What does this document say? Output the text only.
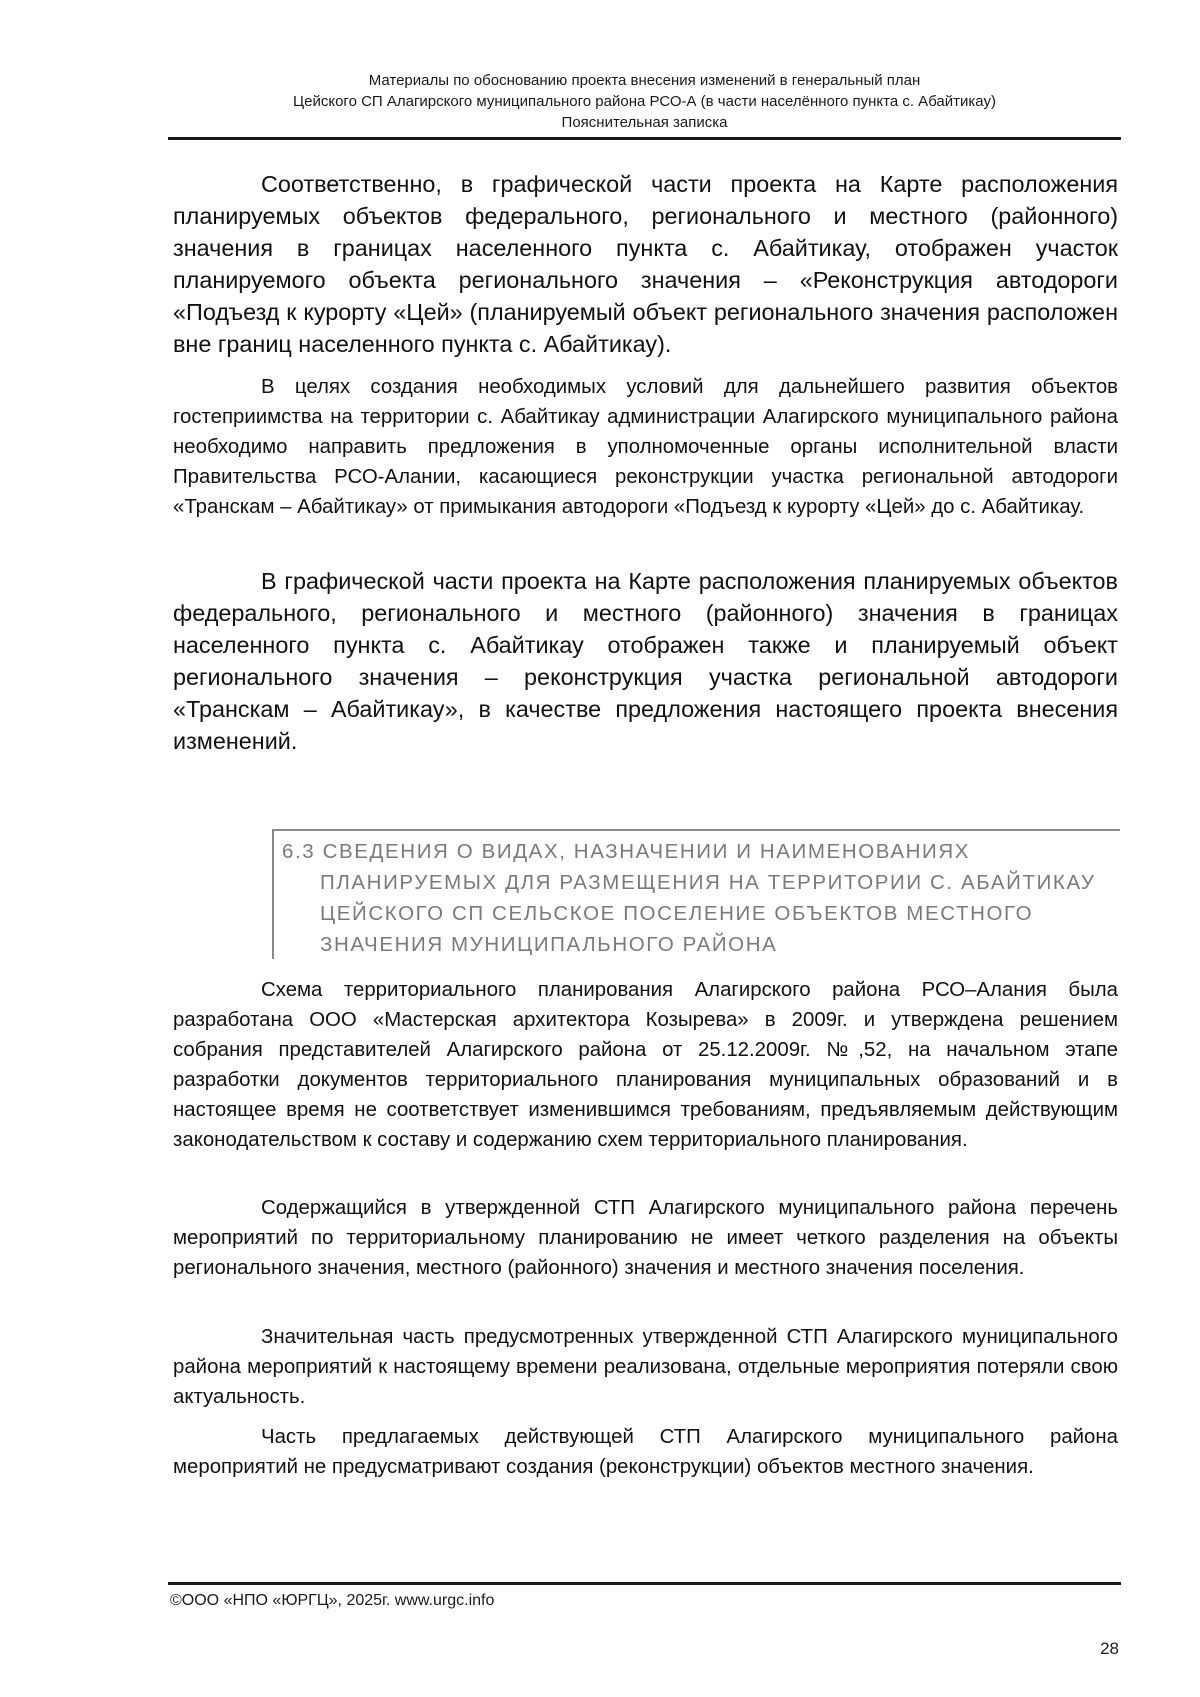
Материалы по обоснованию проекта внесения изменений в генеральный план
Цейского СП Алагирского муниципального района РСО-А (в части населённого пункта с. Абайтикау)
Пояснительная записка

Соответственно, в графической части проекта на Карте расположения планируемых объектов федерального, регионального и местного (районного) значения в границах населенного пункта с. Абайтикау, отображен участок планируемого объекта регионального значения – «Реконструкция автодороги «Подъезд к курорту «Цей» (планируемый объект регионального значения расположен вне границ населенного пункта с. Абайтикау).

В целях создания необходимых условий для дальнейшего развития объектов гостеприимства на территории с. Абайтикау администрации Алагирского муниципального района необходимо направить предложения в уполномоченные органы исполнительной власти Правительства РСО-Алании, касающиеся реконструкции участка региональной автодороги «Транскам – Абайтикау» от примыкания автодороги «Подъезд к курорту «Цей» до с. Абайтикау.

В графической части проекта на Карте расположения планируемых объектов федерального, регионального и местного (районного) значения в границах населенного пункта с. Абайтикау отображен также и планируемый объект регионального значения – реконструкция участка региональной автодороги «Транскам – Абайтикау», в качестве предложения настоящего проекта внесения изменений.

6.3 СВЕДЕНИЯ О ВИДАХ, НАЗНАЧЕНИИ И НАИМЕНОВАНИЯХ ПЛАНИРУЕМЫХ ДЛЯ РАЗМЕЩЕНИЯ НА ТЕРРИТОРИИ С. АБАЙТИКАУ ЦЕЙСКОГО СП СЕЛЬСКОЕ ПОСЕЛЕНИЕ ОБЪЕКТОВ МЕСТНОГО ЗНАЧЕНИЯ МУНИЦИПАЛЬНОГО РАЙОНА

Схема территориального планирования Алагирского района РСО–Алания была разработана ООО «Мастерская архитектора Козырева» в 2009г. и утверждена решением собрания представителей Алагирского района от 25.12.2009г. №,52, на начальном этапе разработки документов территориального планирования муниципальных образований и в настоящее время не соответствует изменившимся требованиям, предъявляемым действующим законодательством к составу и содержанию схем территориального планирования.

Содержащийся в утвержденной СТП Алагирского муниципального района перечень мероприятий по территориальному планированию не имеет четкого разделения на объекты регионального значения, местного (районного) значения и местного значения поселения.

Значительная часть предусмотренных утвержденной СТП Алагирского муниципального района мероприятий к настоящему времени реализована, отдельные мероприятия потеряли свою актуальность.

Часть предлагаемых действующей СТП Алагирского муниципального района мероприятий не предусматривают создания (реконструкции) объектов местного значения.

©ООО «НПО «ЮРГЦ», 2025г. www.urgc.info
28
